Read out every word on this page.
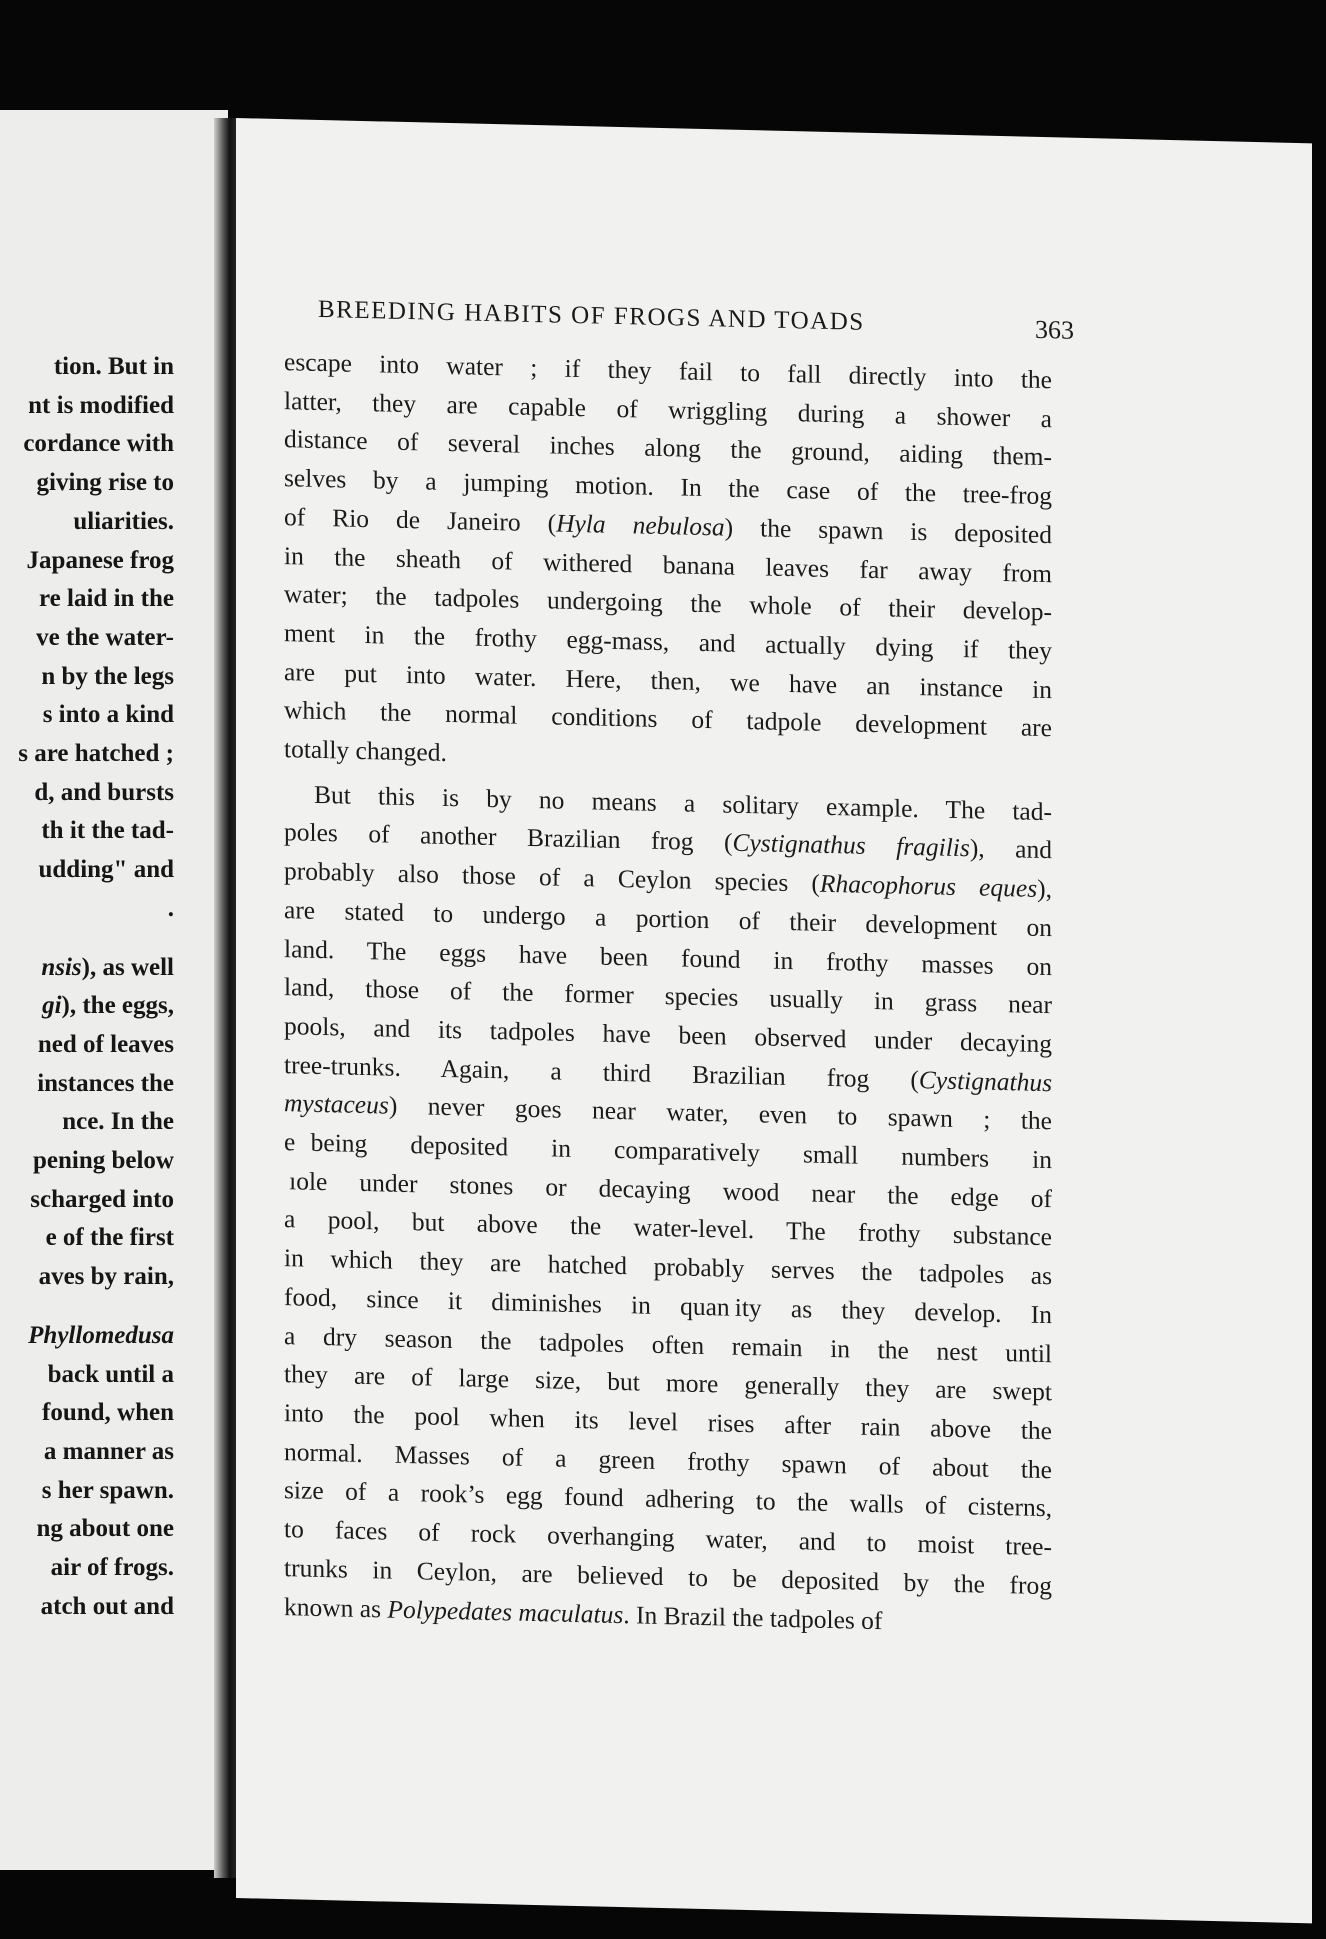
tion. But in
nt is modified
cordance with
giving rise to
uliarities.
Japanese frog
re laid in the
ve the water-
n by the legs
s into a kind
s are hatched ;
d, and bursts
th it the tad-
udding" and
.
nsis), as well
gi), the eggs,
ned of leaves
instances the
nce. In the
pening below
scharged into
e of the first
aves by rain,
Phyllomedusa
back until a
found, when
a manner as
s her spawn.
ng about one
air of frogs.
atch out and
BREEDING HABITS OF FROGS AND TOADS	363
escape into water ; if they fail to fall directly into the
latter, they are capable of wriggling during a shower a
distance of several inches along the ground, aiding them-
selves by a jumping motion. In the case of the tree-frog
of Rio de Janeiro (Hyla nebulosa) the spawn is deposited
in the sheath of withered banana leaves far away from
water; the tadpoles undergoing the whole of their develop-
ment in the frothy egg-mass, and actually dying if they
are put into water. Here, then, we have an instance in
which the normal conditions of tadpole development are
totally changed.
But this is by no means a solitary example. The tad-
poles of another Brazilian frog (Cystignathus fragilis), and
probably also those of a Ceylon species (Rhacophorus eques),
are stated to undergo a portion of their development on
land. The eggs have been found in frothy masses on
land, those of the former species usually in grass near
pools, and its tadpoles have been observed under decaying
tree-trunks. Again, a third Brazilian frog (Cystignathus
mystaceus) never goes near water, even to spawn ; the
e   being deposited in comparatively small numbers in
 ıole under stones or decaying wood near the edge of
a pool, but above the water-level. The frothy substance
in which they are hatched probably serves the tadpoles as
food, since it diminishes in quan ity as they develop. In
a dry season the tadpoles often remain in the nest until
they are of large size, but more generally they are swept
into the pool when its level rises after rain above the
normal. Masses of a green frothy spawn of about the
size of a rook’s egg found adhering to the walls of cisterns,
to faces of rock overhanging water, and to moist tree-
trunks in Ceylon, are believed to be deposited by the frog
known as Polypedates maculatus. In Brazil the tadpoles of
